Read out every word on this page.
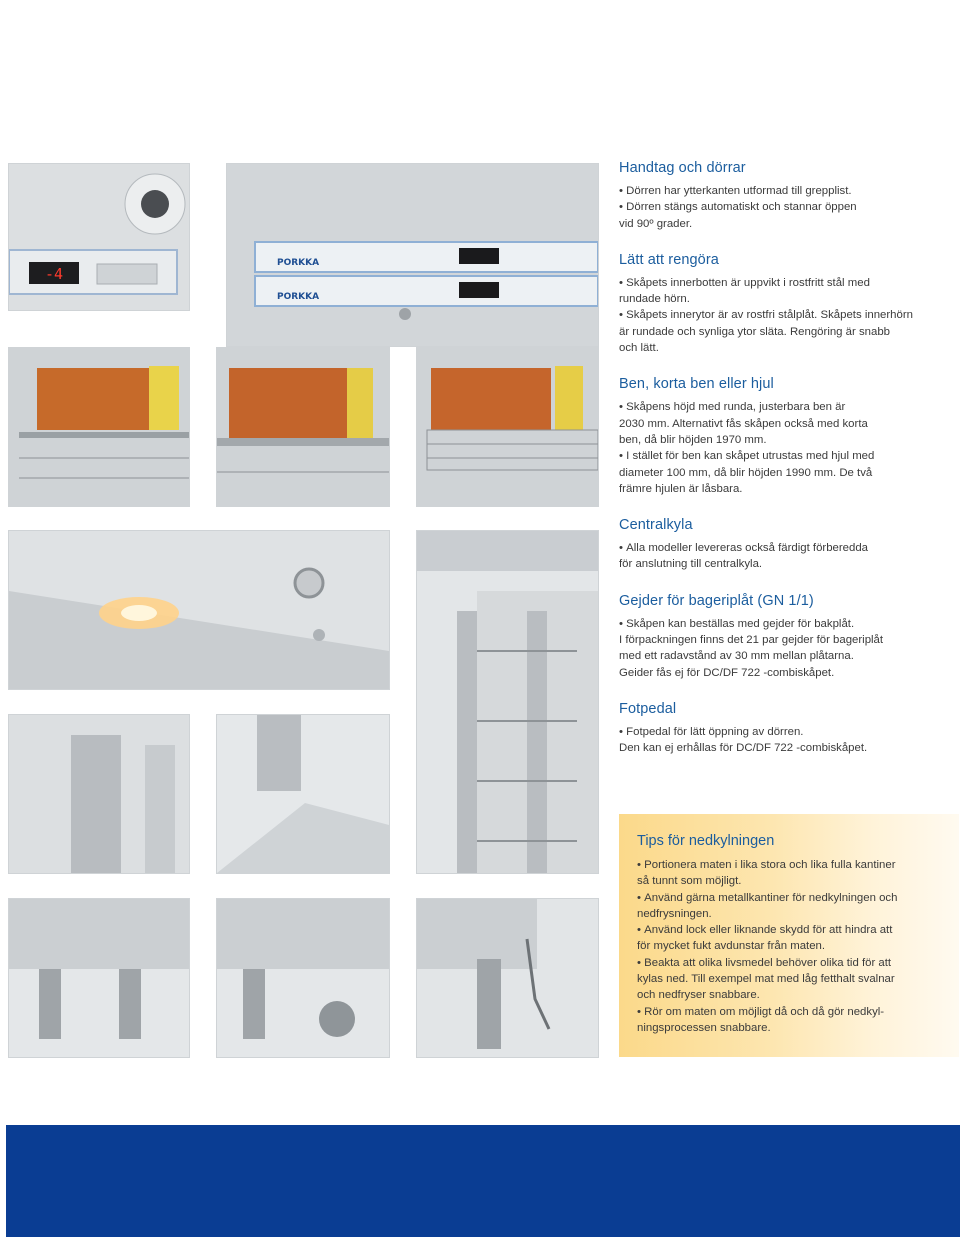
-4
PORKKA
PORKKA
Handtag och dörrar

• Dörren har ytterkanten utformad till grepplist.

• Dörren stängs automatiskt och stannar öppen

vid 90º grader.

Lätt att rengöra

• Skåpets innerbotten är uppvikt i rostfritt stål med

rundade hörn.

• Skåpets innerytor är av rostfri stålplåt. Skåpets innerhörn

är rundade och synliga ytor släta. Rengöring är snabb

och lätt.

Ben, korta ben eller hjul

• Skåpens höjd med runda, justerbara ben är

2030 mm. Alternativt fås skåpen också med korta

ben, då blir höjden 1970 mm.

• I stället för ben kan skåpet utrustas med hjul med

diameter 100 mm, då blir höjden 1990 mm. De två

främre hjulen är låsbara.

Centralkyla

• Alla modeller levereras också färdigt förberedda

för anslutning till centralkyla.

Gejder för bageriplåt (GN 1/1)

• Skåpen kan beställas med gejder för bakplåt.

I förpackningen finns det 21 par gejder för bageriplåt

med ett radavstånd av 30 mm mellan plåtarna.

Geider fås ej för DC/DF 722 -combiskåpet.

Fotpedal

• Fotpedal för lätt öppning av dörren.

Den kan ej erhållas för DC/DF 722 -combiskåpet.

Tips för nedkylningen

• Portionera maten i lika stora och lika fulla kantiner

så tunnt som möjligt.

• Använd gärna metallkantiner för nedkylningen och

nedfrysningen.

• Använd lock eller liknande skydd för att hindra att

för mycket fukt avdunstar från maten.

• Beakta att olika livsmedel behöver olika tid för att

kylas ned. Till exempel mat med låg fetthalt svalnar

och nedfryser snabbare.

• Rör om maten om möjligt då och då gör nedkyl-

ningsprocessen snabbare.
